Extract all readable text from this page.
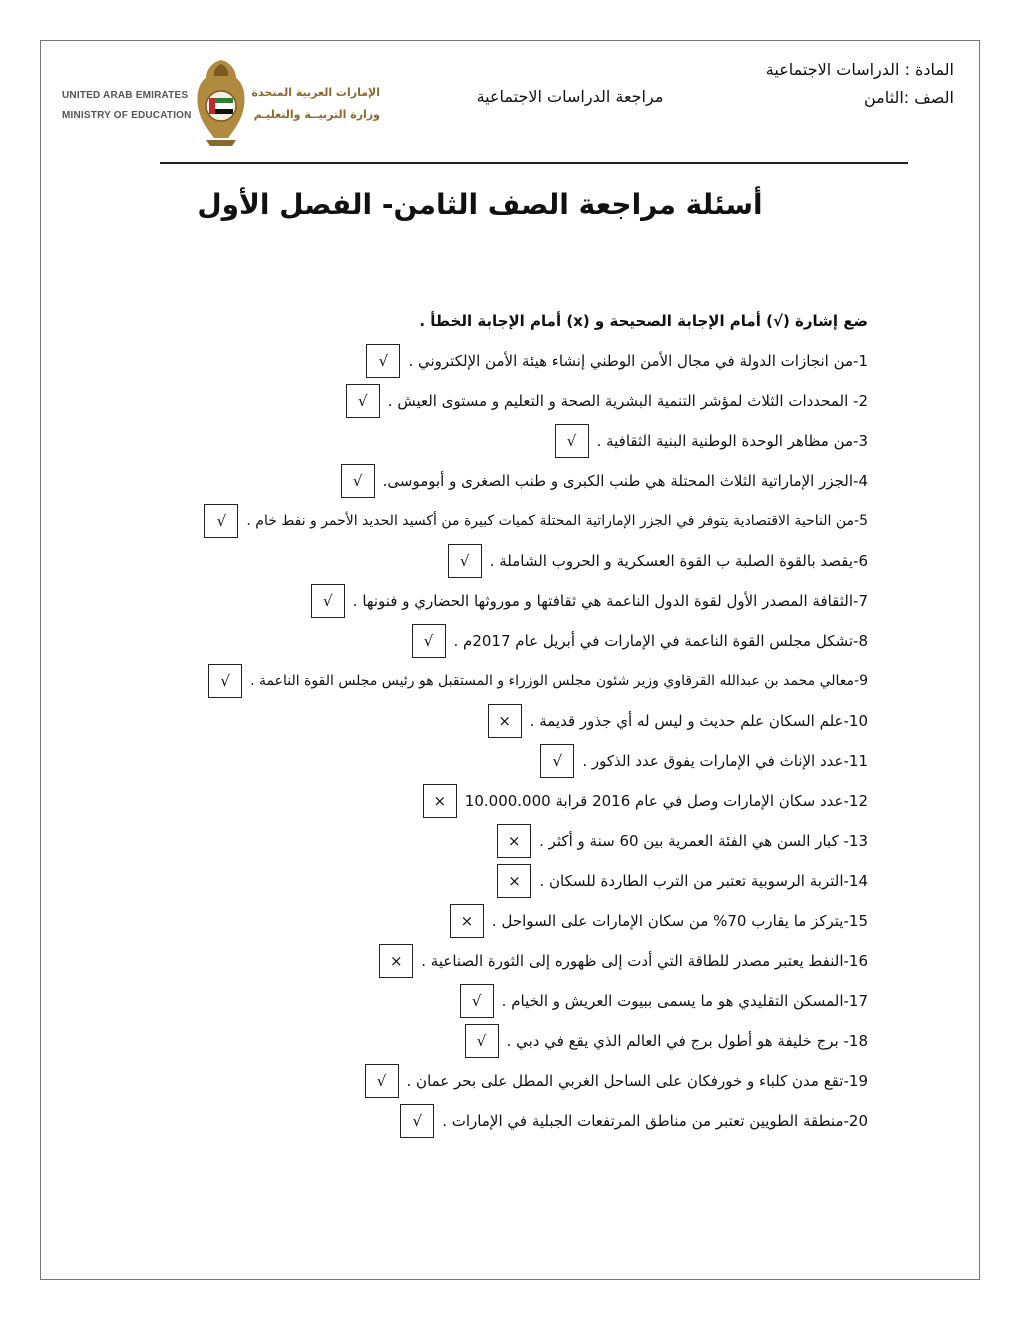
UNITED ARAB EMIRATES
MINISTRY OF EDUCATION
الإمارات العربية المتحدة
وزارة التربيــة والتعليـم
المادة : الدراسات الاجتماعية
الصف :الثامن
مراجعة الدراسات الاجتماعية
أسئلة مراجعة الصف الثامن- الفصل الأول
ضع إشارة (√) أمام الإجابة الصحيحة و (x) أمام الإجابة الخطأ .
1-من انجازات الدولة في مجال الأمن الوطني إنشاء هيئة الأمن الإلكتروني .
√
2- المحددات الثلاث لمؤشر التنمية البشرية الصحة و التعليم و مستوى العيش .
√
3-من مظاهر الوحدة الوطنية البنية الثقافية .
√
4-الجزر الإماراتية الثلاث المحتلة هي طنب الكبرى و طنب الصغرى و أبوموسى.
√
5-من الناحية الاقتصادية يتوفر في الجزر الإماراتية المحتلة كميات كبيرة من أكسيد الحديد الأحمر و نفط خام .
√
6-يقصد بالقوة الصلبة ب القوة العسكرية و الحروب الشاملة .
√
7-الثقافة المصدر الأول لقوة الدول الناعمة هي ثقافتها و موروثها الحضاري و فنونها .
√
8-تشكل مجلس القوة الناعمة في الإمارات في أبريل عام 2017م .
√
9-معالي محمد بن عبدالله القرقاوي وزير شئون مجلس الوزراء و المستقبل هو رئيس مجلس القوة الناعمة .
√
10-علم السكان علم حديث و ليس له أي جذور قديمة .
×
11-عدد الإناث في الإمارات يفوق عدد الذكور .
√
12-عدد سكان الإمارات وصل في عام 2016 قرابة 10.000.000
×
13- كبار السن هي الفئة العمرية بين 60 سنة و أكثر .
×
14-التربة الرسوبية تعتبر من الترب الطاردة للسكان .
×
15-يتركز ما يقارب 70% من سكان الإمارات على السواحل .
×
16-النفط يعتبر مصدر للطاقة التي أدت إلى ظهوره إلى الثورة الصناعية .
×
17-المسكن التقليدي هو ما يسمى ببيوت العريش و الخيام .
√
18- برج خليفة هو أطول برج في العالم الذي يقع في دبي .
√
19-تقع مدن كلباء و خورفكان على الساحل الغربي المطل على بحر عمان .
√
20-منطقة الطويين تعتبر من مناطق المرتفعات الجبلية في الإمارات .
√
